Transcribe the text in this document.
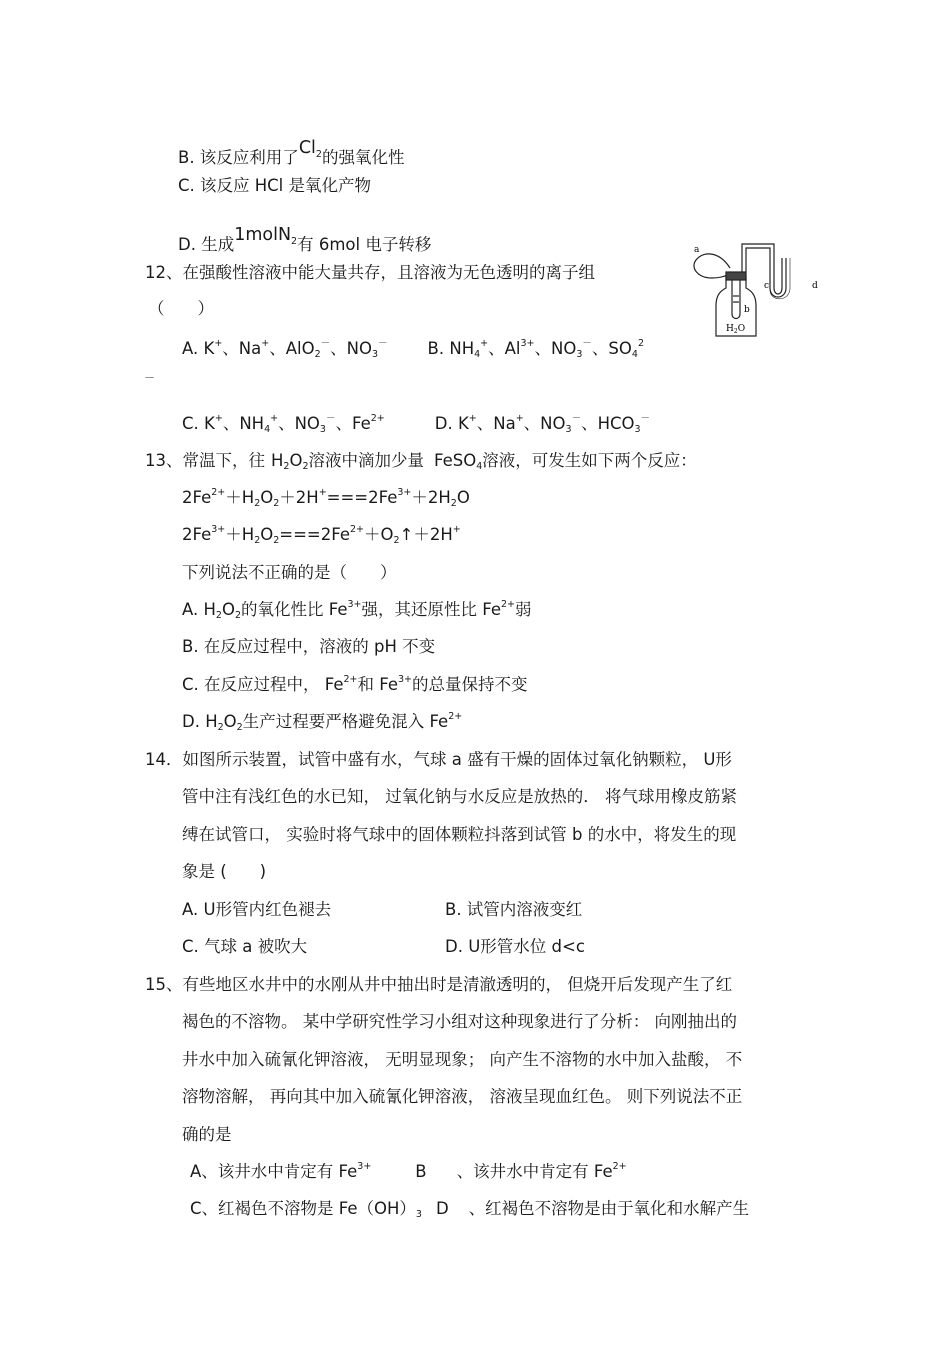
B. 该反应利用了$Cl_2$的强氧化性
C. 该反应 HCl 是氧化产物
D. 生成1molN$_2$有 6mol 电子转移
12、在强酸性溶液中能大量共存，且溶液为无色透明的离子组
（　　）
A. K+、Na+、AlO$_2$－、$NO_3^-$ B. $NH_4^+$、$Al^{3+}$、$NO_3^-$、$SO_4^2$
－
C. K+、$NH_4^+$、$NO_3^-$、$Fe^{2+}$	D. K+、Na+、$NO_3^-$、$HCO_3^-$
a
b
c	d
$H_2O$
13、常温下，往 $H_2O_2$溶液中滴加少量 FeSO$_4$溶液，可发生如下两个反应：
$2Fe^{2+}+H_2O_2+2H^+===2Fe^{3+}+2H_2O$
$2Fe^{3+}+H_2O_2===2Fe^{2+}+O_2↑+2H^+$
下列说法不正确的是（　　）
A. $H_2O_2$的氧化性比 $Fe^{3+}$强，其还原性比 $Fe^{2+}$弱
B. 在反应过程中，溶液的 pH 不变
C. 在反应过程中， $Fe^{2+}$和 $Fe^{3+}$的总量保持不变
D. $H_2O_2$生产过程要严格避免混入 $Fe^{2+}$
14．如图所示装置，试管中盛有水，气球 a 盛有干燥的固体过氧化钠颗粒， U形
管中注有浅红色的水已知， 过氧化钠与水反应是放热的． 将气球用橡皮筋紧
缚在试管口， 实验时将气球中的固体颗粒抖落到试管 b 的水中，将发生的现
象是 (　　)
A. U形管内红色褪去	B. 试管内溶液变红
C. 气球 a 被吹大	D. U形管水位 d<c
15、有些地区水井中的水刚从井中抽出时是清澈透明的， 但烧开后发现产生了红
褐色的不溶物。 某中学研究性学习小组对这种现象进行了分析： 向刚抽出的
井水中加入硫氰化钾溶液， 无明显现象； 向产生不溶物的水中加入盐酸， 不
溶物溶解， 再向其中加入硫氰化钾溶液， 溶液呈现血红色。 则下列说法不正
确的是
A、该井水中肯定有 $Fe^{3+}$	B 、该井水中肯定有 $Fe^{2+}$
C、红褐色不溶物是 $Fe(OH)_3$ D 、红褐色不溶物是由于氧化和水解产生
